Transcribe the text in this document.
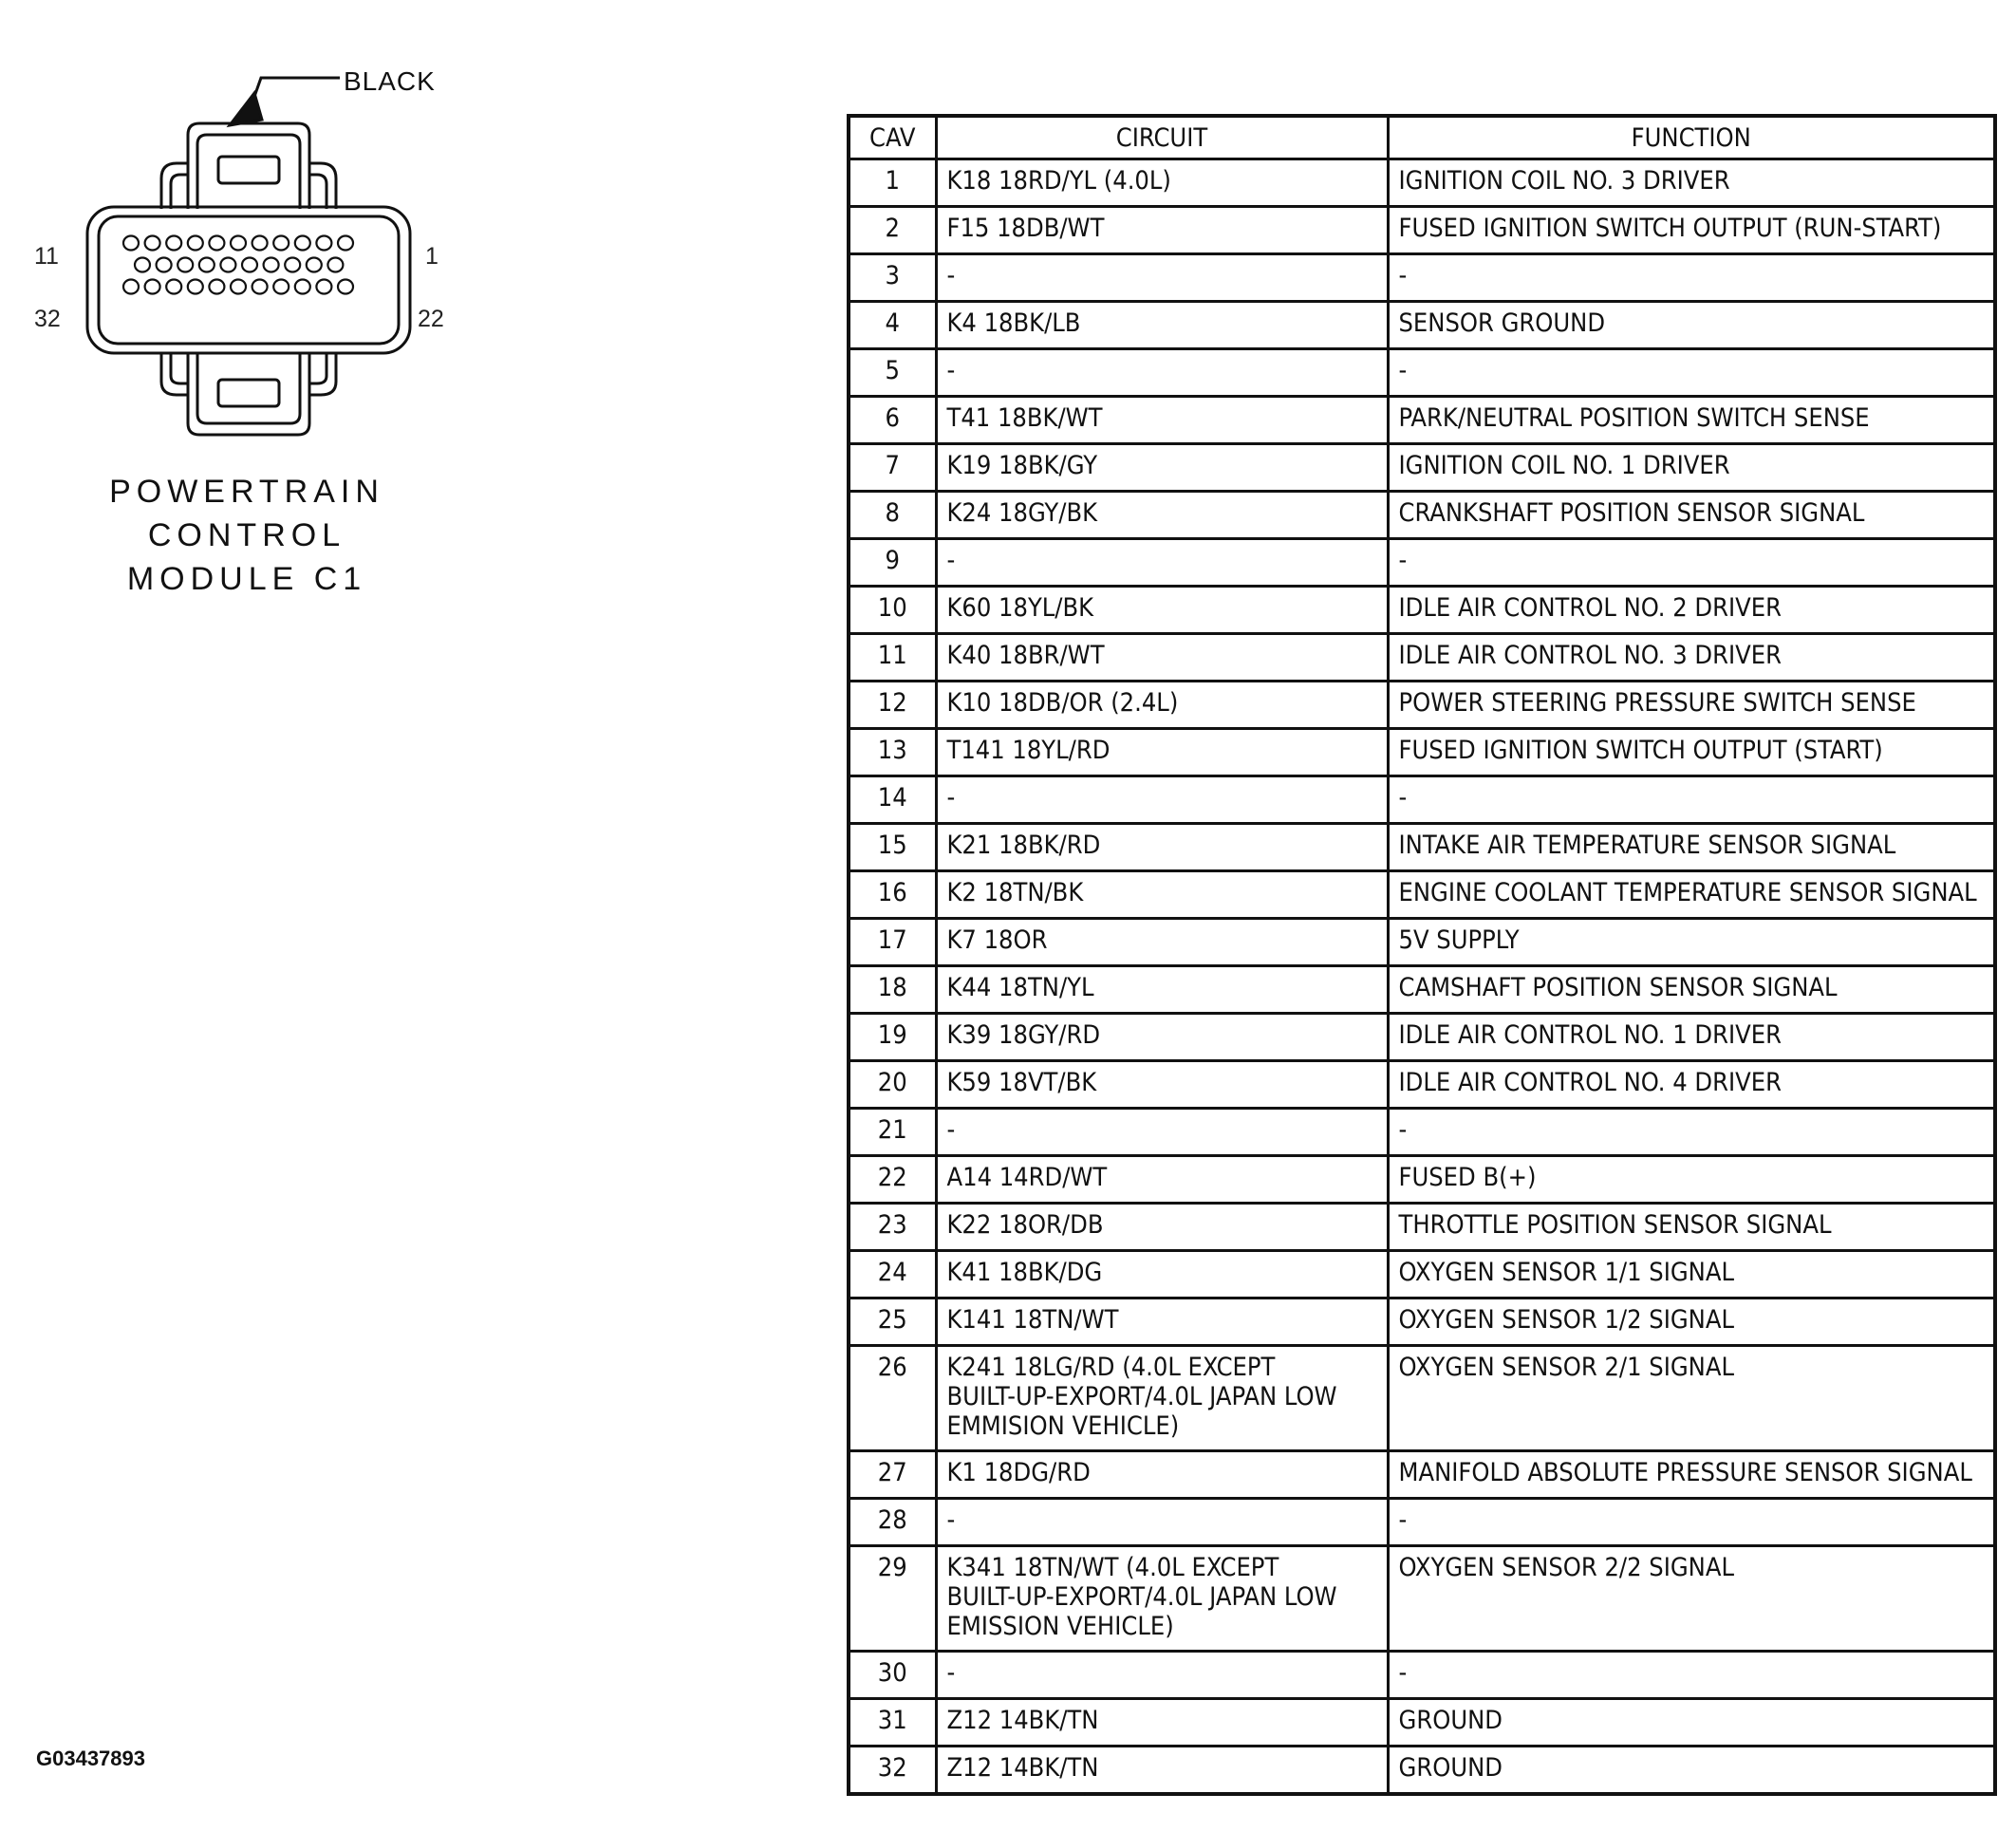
BLACK
11	1
32	22
POWERTRAIN
CONTROL
MODULE C1
CAV	CIRCUIT	FUNCTION
1	K18 18RD/YL (4.0L)	IGNITION COIL NO. 3 DRIVER
2	F15 18DB/WT	FUSED IGNITION SWITCH OUTPUT (RUN-START)
3	-	-
4	K4 18BK/LB	SENSOR GROUND
5	-	-
6	T41 18BK/WT	PARK/NEUTRAL POSITION SWITCH SENSE
7	K19 18BK/GY	IGNITION COIL NO. 1 DRIVER
8	K24 18GY/BK	CRANKSHAFT POSITION SENSOR SIGNAL
9	-	-
10	K60 18YL/BK	IDLE AIR CONTROL NO. 2 DRIVER
11	K40 18BR/WT	IDLE AIR CONTROL NO. 3 DRIVER
12	K10 18DB/OR (2.4L)	POWER STEERING PRESSURE SWITCH SENSE
13	T141 18YL/RD	FUSED IGNITION SWITCH OUTPUT (START)
14	-	-
15	K21 18BK/RD	INTAKE AIR TEMPERATURE SENSOR SIGNAL
16	K2 18TN/BK	ENGINE COOLANT TEMPERATURE SENSOR SIGNAL
17	K7 18OR	5V SUPPLY
18	K44 18TN/YL	CAMSHAFT POSITION SENSOR SIGNAL
19	K39 18GY/RD	IDLE AIR CONTROL NO. 1 DRIVER
20	K59 18VT/BK	IDLE AIR CONTROL NO. 4 DRIVER
21	-	-
22	A14 14RD/WT	FUSED B(+)
23	K22 18OR/DB	THROTTLE POSITION SENSOR SIGNAL
24	K41 18BK/DG	OXYGEN SENSOR 1/1 SIGNAL
25	K141 18TN/WT	OXYGEN SENSOR 1/2 SIGNAL
26	K241 18LG/RD (4.0L EXCEPT
BUILT-UP-EXPORT/4.0L JAPAN LOW
EMMISION VEHICLE)	OXYGEN SENSOR 2/1 SIGNAL
27	K1 18DG/RD	MANIFOLD ABSOLUTE PRESSURE SENSOR SIGNAL
28	-	-
29	K341 18TN/WT (4.0L EXCEPT
BUILT-UP-EXPORT/4.0L JAPAN LOW
EMISSION VEHICLE)	OXYGEN SENSOR 2/2 SIGNAL
30	-	-
31	Z12 14BK/TN	GROUND
32	Z12 14BK/TN	GROUND
G03437893
